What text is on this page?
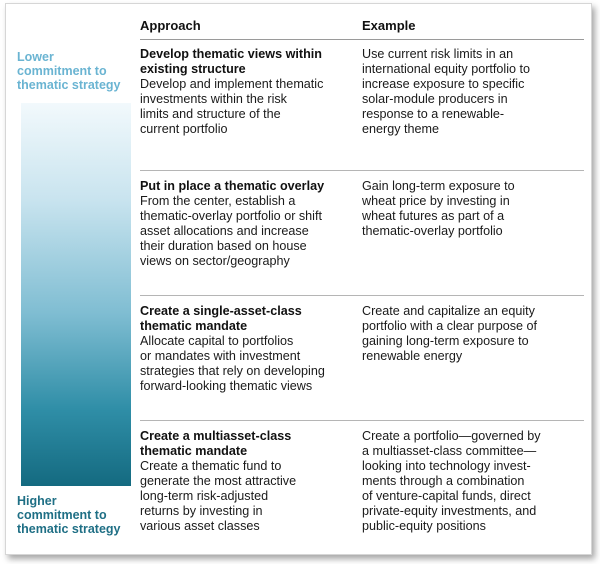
Lower
commitment to
thematic strategy
Higher
commitment to
thematic strategy
Approach	Example
Develop thematic views within
existing structure
Develop and implement thematic
investments within the risk
limits and structure of the
current portfolio
Use current risk limits in an
international equity portfolio to
increase exposure to specific
solar-module producers in
response to a renewable-
energy theme
Put in place a thematic overlay
From the center, establish a
thematic-overlay portfolio or shift
asset allocations and increase
their duration based on house
views on sector/geography
Gain long-term exposure to
wheat price by investing in
wheat futures as part of a
thematic-overlay portfolio
Create a single-asset-class
thematic mandate
Allocate capital to portfolios
or mandates with investment
strategies that rely on developing
forward-looking thematic views
Create and capitalize an equity
portfolio with a clear purpose of
gaining long-term exposure to
renewable energy
Create a multiasset-class
thematic mandate
Create a thematic fund to
generate the most attractive
long-term risk-adjusted
returns by investing in
various asset classes
Create a portfolio—governed by
a multiasset-class committee—
looking into technology invest-
ments through a combination
of venture-capital funds, direct
private-equity investments, and
public-equity positions
